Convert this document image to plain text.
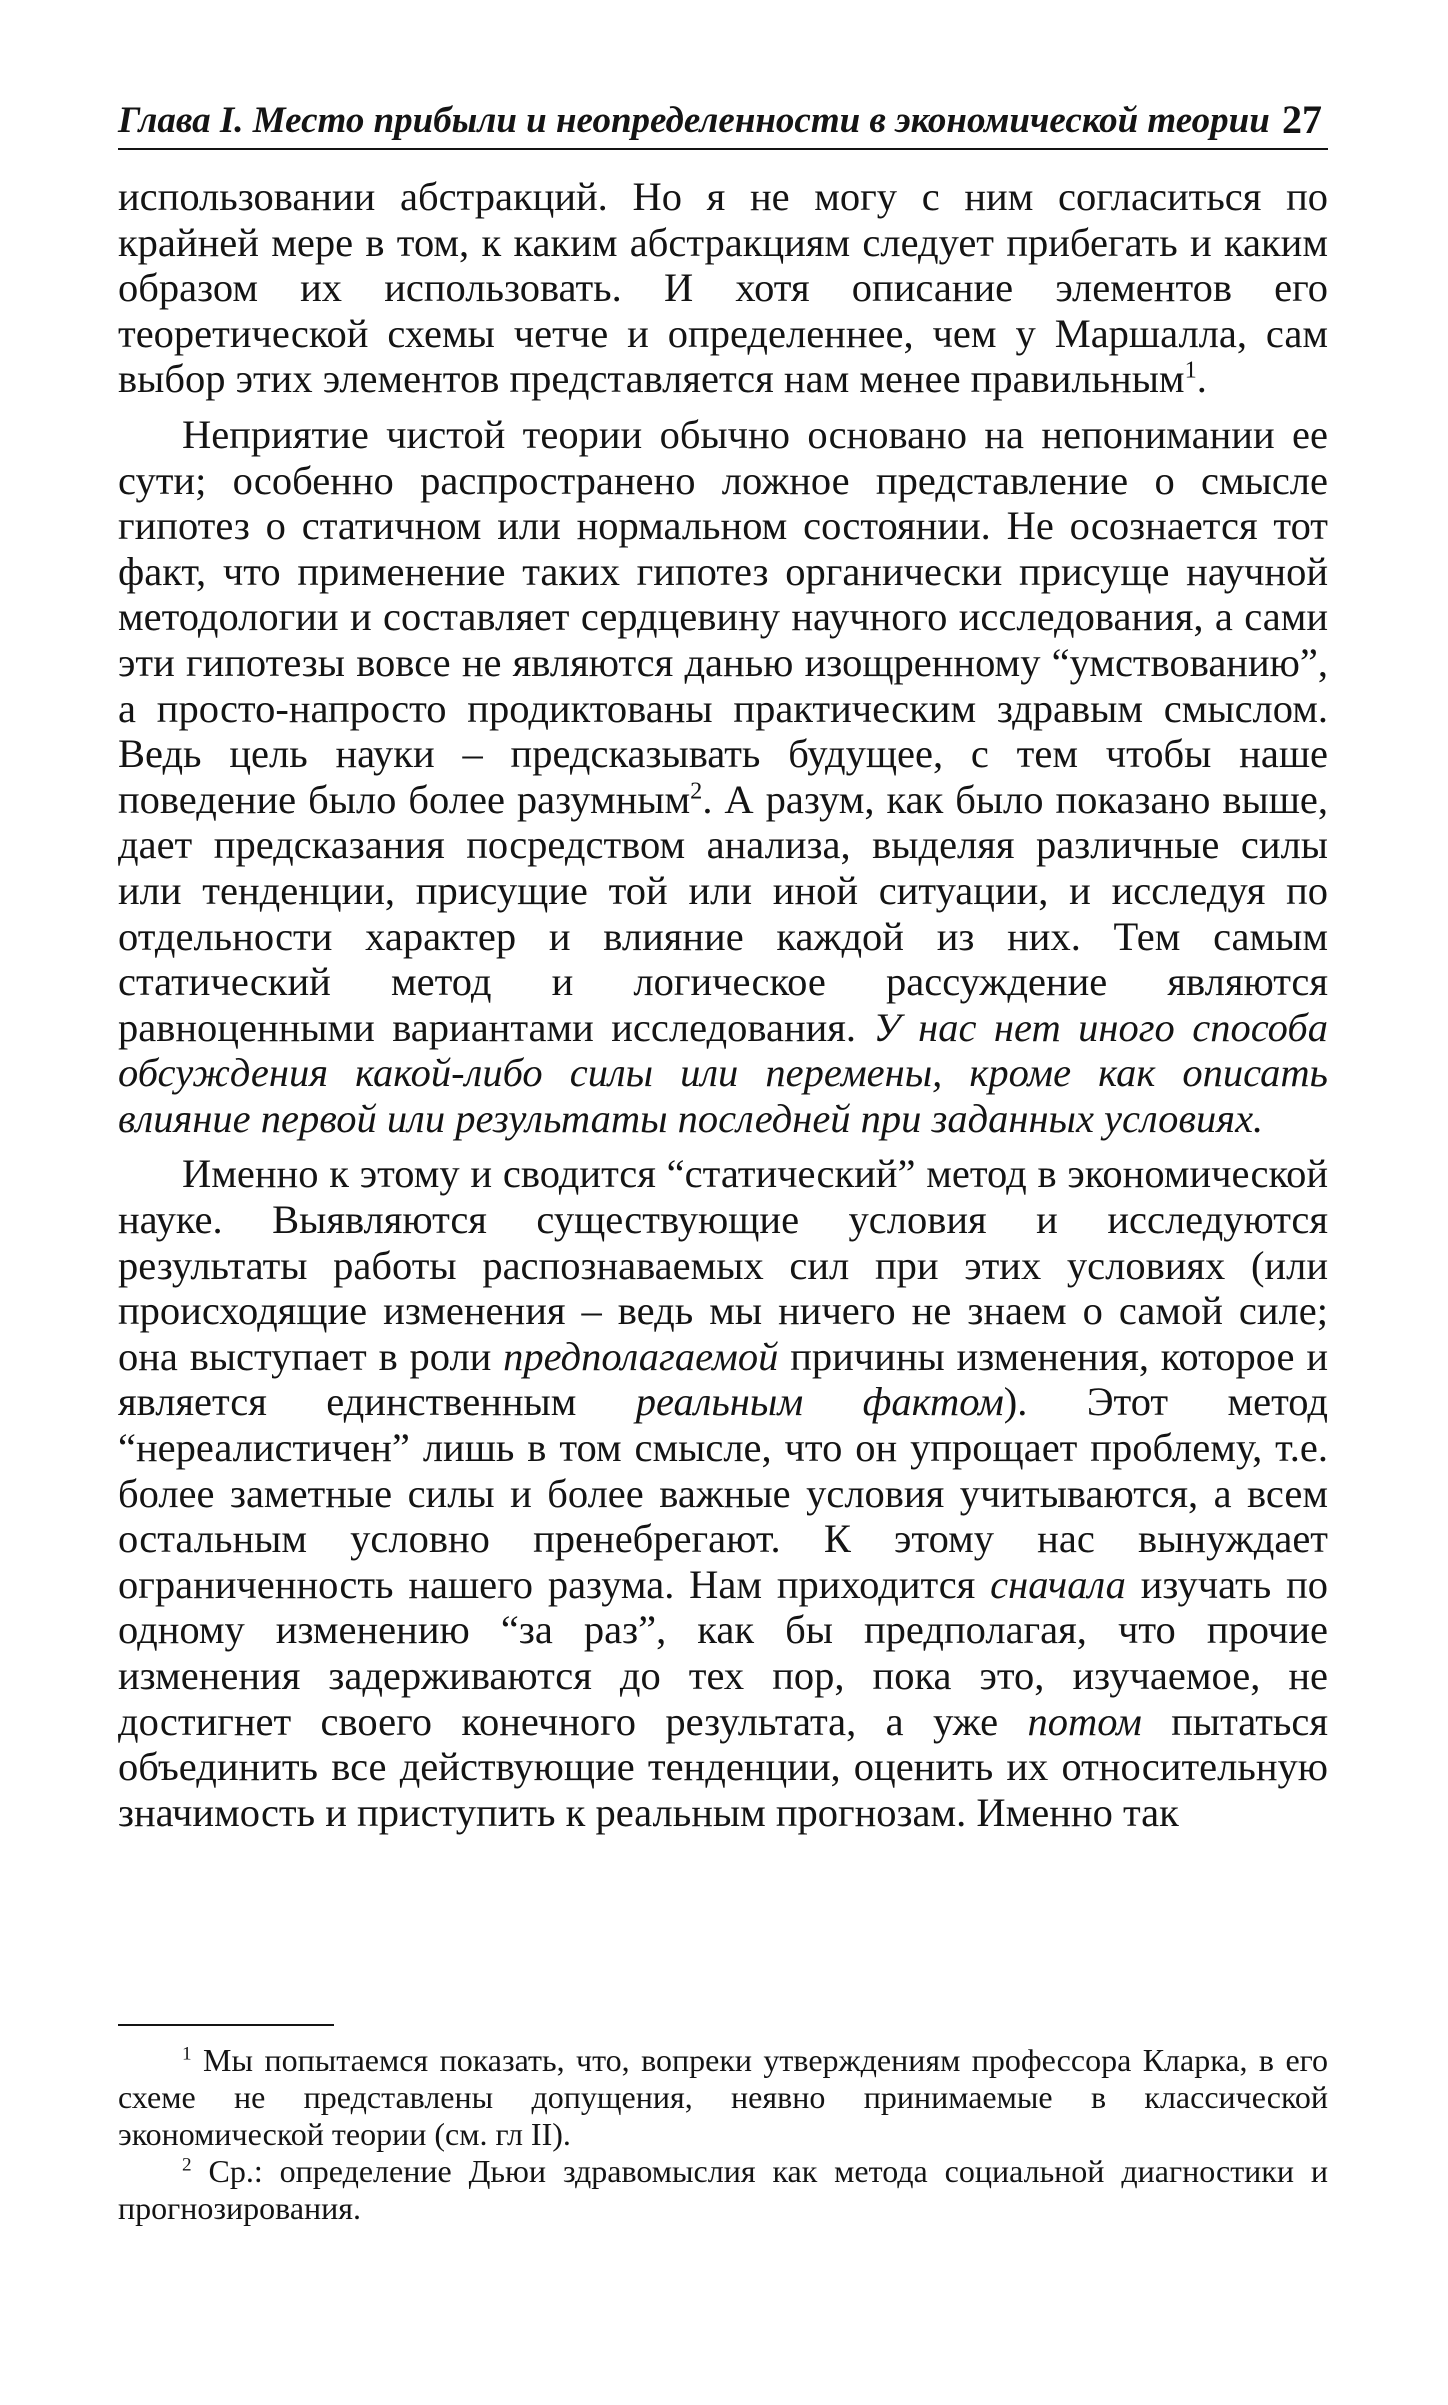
Глава I. Место прибыли и неопределенности в экономической теории 27

использовании абстракций. Но я не могу с ним согласиться по крайней мере в том, к каким абстракциям следует прибегать и каким образом их использовать. И хотя описание элементов его теоретической схемы четче и определеннее, чем у Маршалла, сам выбор этих элементов представляется нам менее правильным$^1$.

Неприятие чистой теории обычно основано на непонимании ее сути; особенно распространено ложное представление о смысле гипотез о статичном или нормальном состоянии. Не осознается тот факт, что применение таких гипотез органически присуще научной методологии и составляет сердцевину научного исследования, а сами эти гипотезы вовсе не являются данью изощренному “умствованию”, а просто-напросто продиктованы практическим здравым смыслом. Ведь цель науки – предсказывать будущее, с тем чтобы наше поведение было более разумным$^2$. А разум, как было показано выше, дает предсказания посредством анализа, выделяя различные силы или тенденции, присущие той или иной ситуации, и исследуя по отдельности характер и влияние каждой из них. Тем самым статический метод и логическое рассуждение являются равноценными вариантами исследования. У нас нет иного способа обсуждения какой-либо силы или перемены, кроме как описать влияние первой или результаты последней при заданных условиях.

Именно к этому и сводится “статический” метод в экономической науке. Выявляются существующие условия и исследуются результаты работы распознаваемых сил при этих условиях (или происходящие изменения – ведь мы ничего не знаем о самой силе; она выступает в роли предполагаемой причины изменения, которое и является единственным реальным фактом). Этот метод “нереалистичен” лишь в том смысле, что он упрощает проблему, т.е. более заметные силы и более важные условия учитываются, а всем остальным условно пренебрегают. К этому нас вынуждает ограниченность нашего разума. Нам приходится сначала изучать по одному изменению “за раз”, как бы предполагая, что прочие изменения задерживаются до тех пор, пока это, изучаемое, не достигнет своего конечного результата, а уже потом пытаться объединить все действующие тенденции, оценить их относительную значимость и приступить к реальным прогнозам. Именно так

$^1$ Мы попытаемся показать, что, вопреки утверждениям профессора Кларка, в его схеме не представлены допущения, неявно принимаемые в классической экономической теории (см. гл II).

$^2$ Ср.: определение Дьюи здравомыслия как метода социальной диагностики и прогнозирования.
